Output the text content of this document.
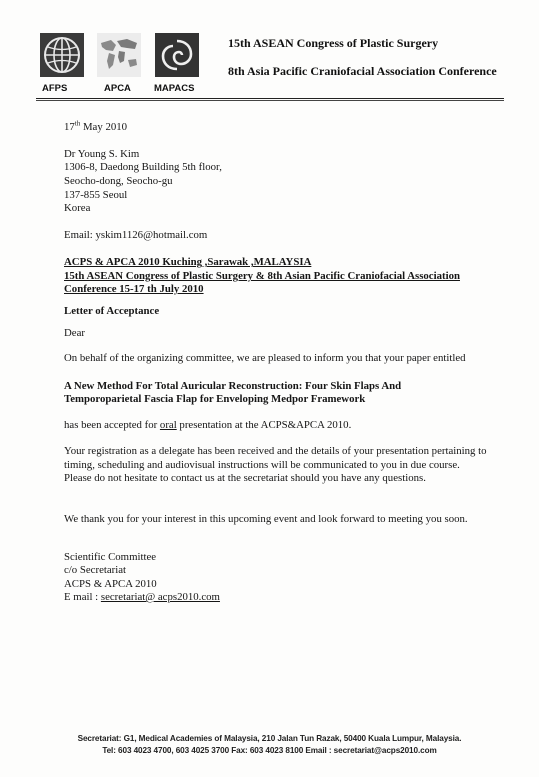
AFPS	APCA MAPACS
15th ASEAN Congress of Plastic Surgery
8th Asia Pacific Craniofacial Association Conference
17th May 2010
Dr Young S. Kim
1306-8, Daedong Building 5th floor,
Seocho-dong, Seocho-gu
137-855 Seoul
Korea
Email: yskim1126@hotmail.com
ACPS & APCA 2010 Kuching ,Sarawak ,MALAYSIA
15th ASEAN Congress of Plastic Surgery & 8th Asian Pacific Craniofacial Association
Conference 15-17 th July 2010
Letter of Acceptance
Dear
On behalf of the organizing committee, we are pleased to inform you that your paper entitled
A New Method For Total Auricular Reconstruction: Four Skin Flaps And
Temporoparietal Fascia Flap for Enveloping Medpor Framework
has been accepted for oral presentation at the ACPS&APCA 2010.
Your registration as a delegate has been received and the details of your presentation pertaining to timing, scheduling and audiovisual instructions will be communicated to you in due course. Please do not hesitate to contact us at the secretariat should you have any questions.
We thank you for your interest in this upcoming event and look forward to meeting you soon.
Scientific Committee
c/o Secretariat
ACPS & APCA 2010
E mail : secretariat@ acps2010.com
Secretariat: G1, Medical Academies of Malaysia, 210 Jalan Tun Razak, 50400 Kuala Lumpur, Malaysia.
Tel: 603 4023 4700, 603 4025 3700 Fax: 603 4023 8100 Email : secretariat@acps2010.com
